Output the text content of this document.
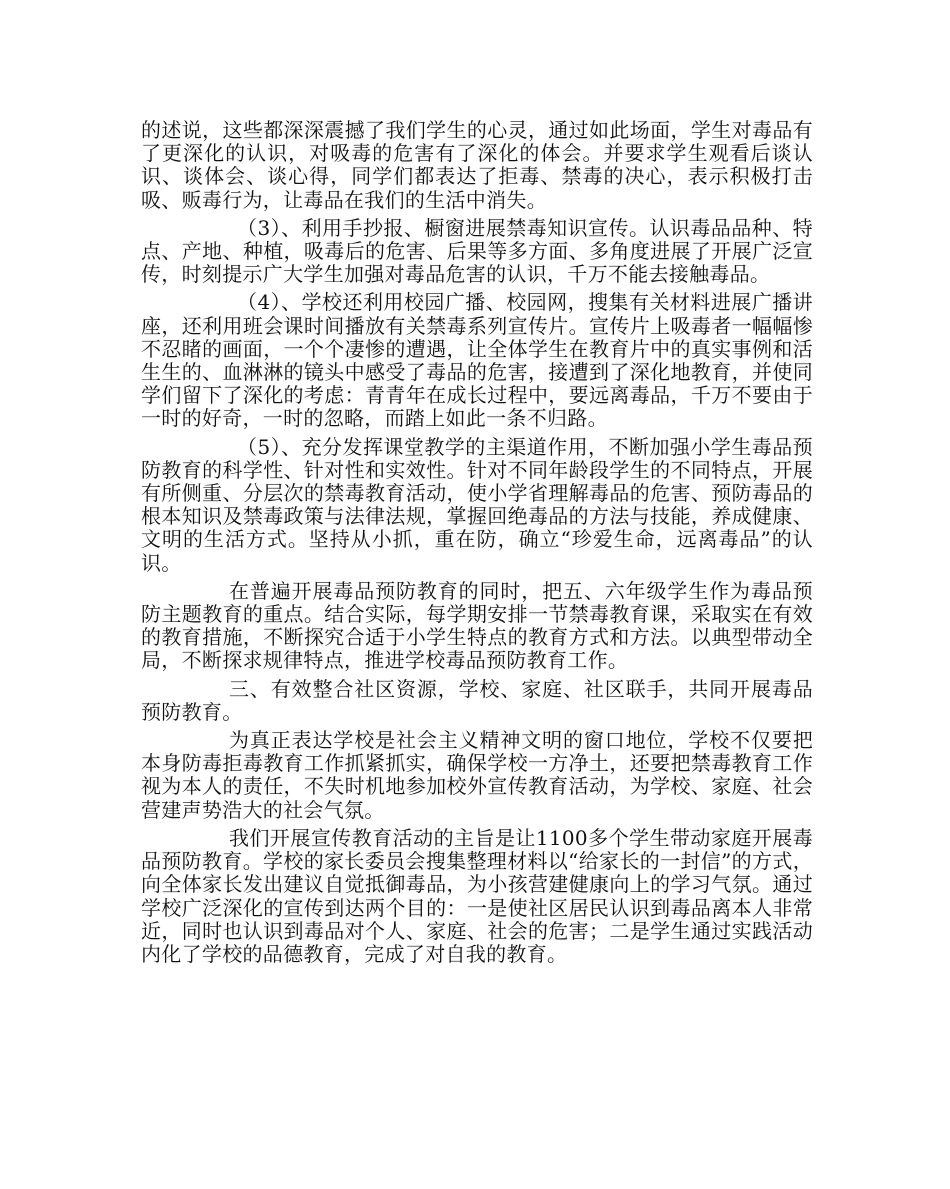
的述说，这些都深深震撼了我们学生的心灵，通过如此场面，学生对毒品有了更深化的认识，对吸毒的危害有了深化的体会。并要求学生观看后谈认识、谈体会、谈心得，同学们都表达了拒毒、禁毒的决心，表示积极打击吸、贩毒行为，让毒品在我们的生活中消失。

（3）、利用手抄报、橱窗进展禁毒知识宣传。认识毒品品种、特点、产地、种植，吸毒后的危害、后果等多方面、多角度进展了开展广泛宣传，时刻提示广大学生加强对毒品危害的认识，千万不能去接触毒品。

（4）、学校还利用校园广播、校园网，搜集有关材料进展广播讲座，还利用班会课时间播放有关禁毒系列宣传片。宣传片上吸毒者一幅幅惨不忍睹的画面，一个个凄惨的遭遇，让全体学生在教育片中的真实事例和活生生的、血淋淋的镜头中感受了毒品的危害，接遭到了深化地教育，并使同学们留下了深化的考虑：青青年在成长过程中，要远离毒品，千万不要由于一时的好奇，一时的忽略，而踏上如此一条不归路。

（5）、充分发挥课堂教学的主渠道作用，不断加强小学生毒品预防教育的科学性、针对性和实效性。针对不同年龄段学生的不同特点，开展有所侧重、分层次的禁毒教育活动，使小学省理解毒品的危害、预防毒品的根本知识及禁毒政策与法律法规，掌握回绝毒品的方法与技能，养成健康、文明的生活方式。坚持从小抓，重在防，确立“珍爱生命，远离毒品”的认识。

在普遍开展毒品预防教育的同时，把五、六年级学生作为毒品预防主题教育的重点。结合实际，每学期安排一节禁毒教育课，采取实在有效的教育措施，不断探究合适于小学生特点的教育方式和方法。以典型带动全局，不断探求规律特点，推进学校毒品预防教育工作。

三、有效整合社区资源，学校、家庭、社区联手，共同开展毒品预防教育。

为真正表达学校是社会主义精神文明的窗口地位，学校不仅要把本身防毒拒毒教育工作抓紧抓实，确保学校一方净土，还要把禁毒教育工作视为本人的责任，不失时机地参加校外宣传教育活动，为学校、家庭、社会营建声势浩大的社会气氛。

我们开展宣传教育活动的主旨是让1100多个学生带动家庭开展毒品预防教育。学校的家长委员会搜集整理材料以“给家长的一封信”的方式，向全体家长发出建议自觉抵御毒品，为小孩营建健康向上的学习气氛。通过学校广泛深化的宣传到达两个目的：一是使社区居民认识到毒品离本人非常近，同时也认识到毒品对个人、家庭、社会的危害；二是学生通过实践活动内化了学校的品德教育，完成了对自我的教育。
